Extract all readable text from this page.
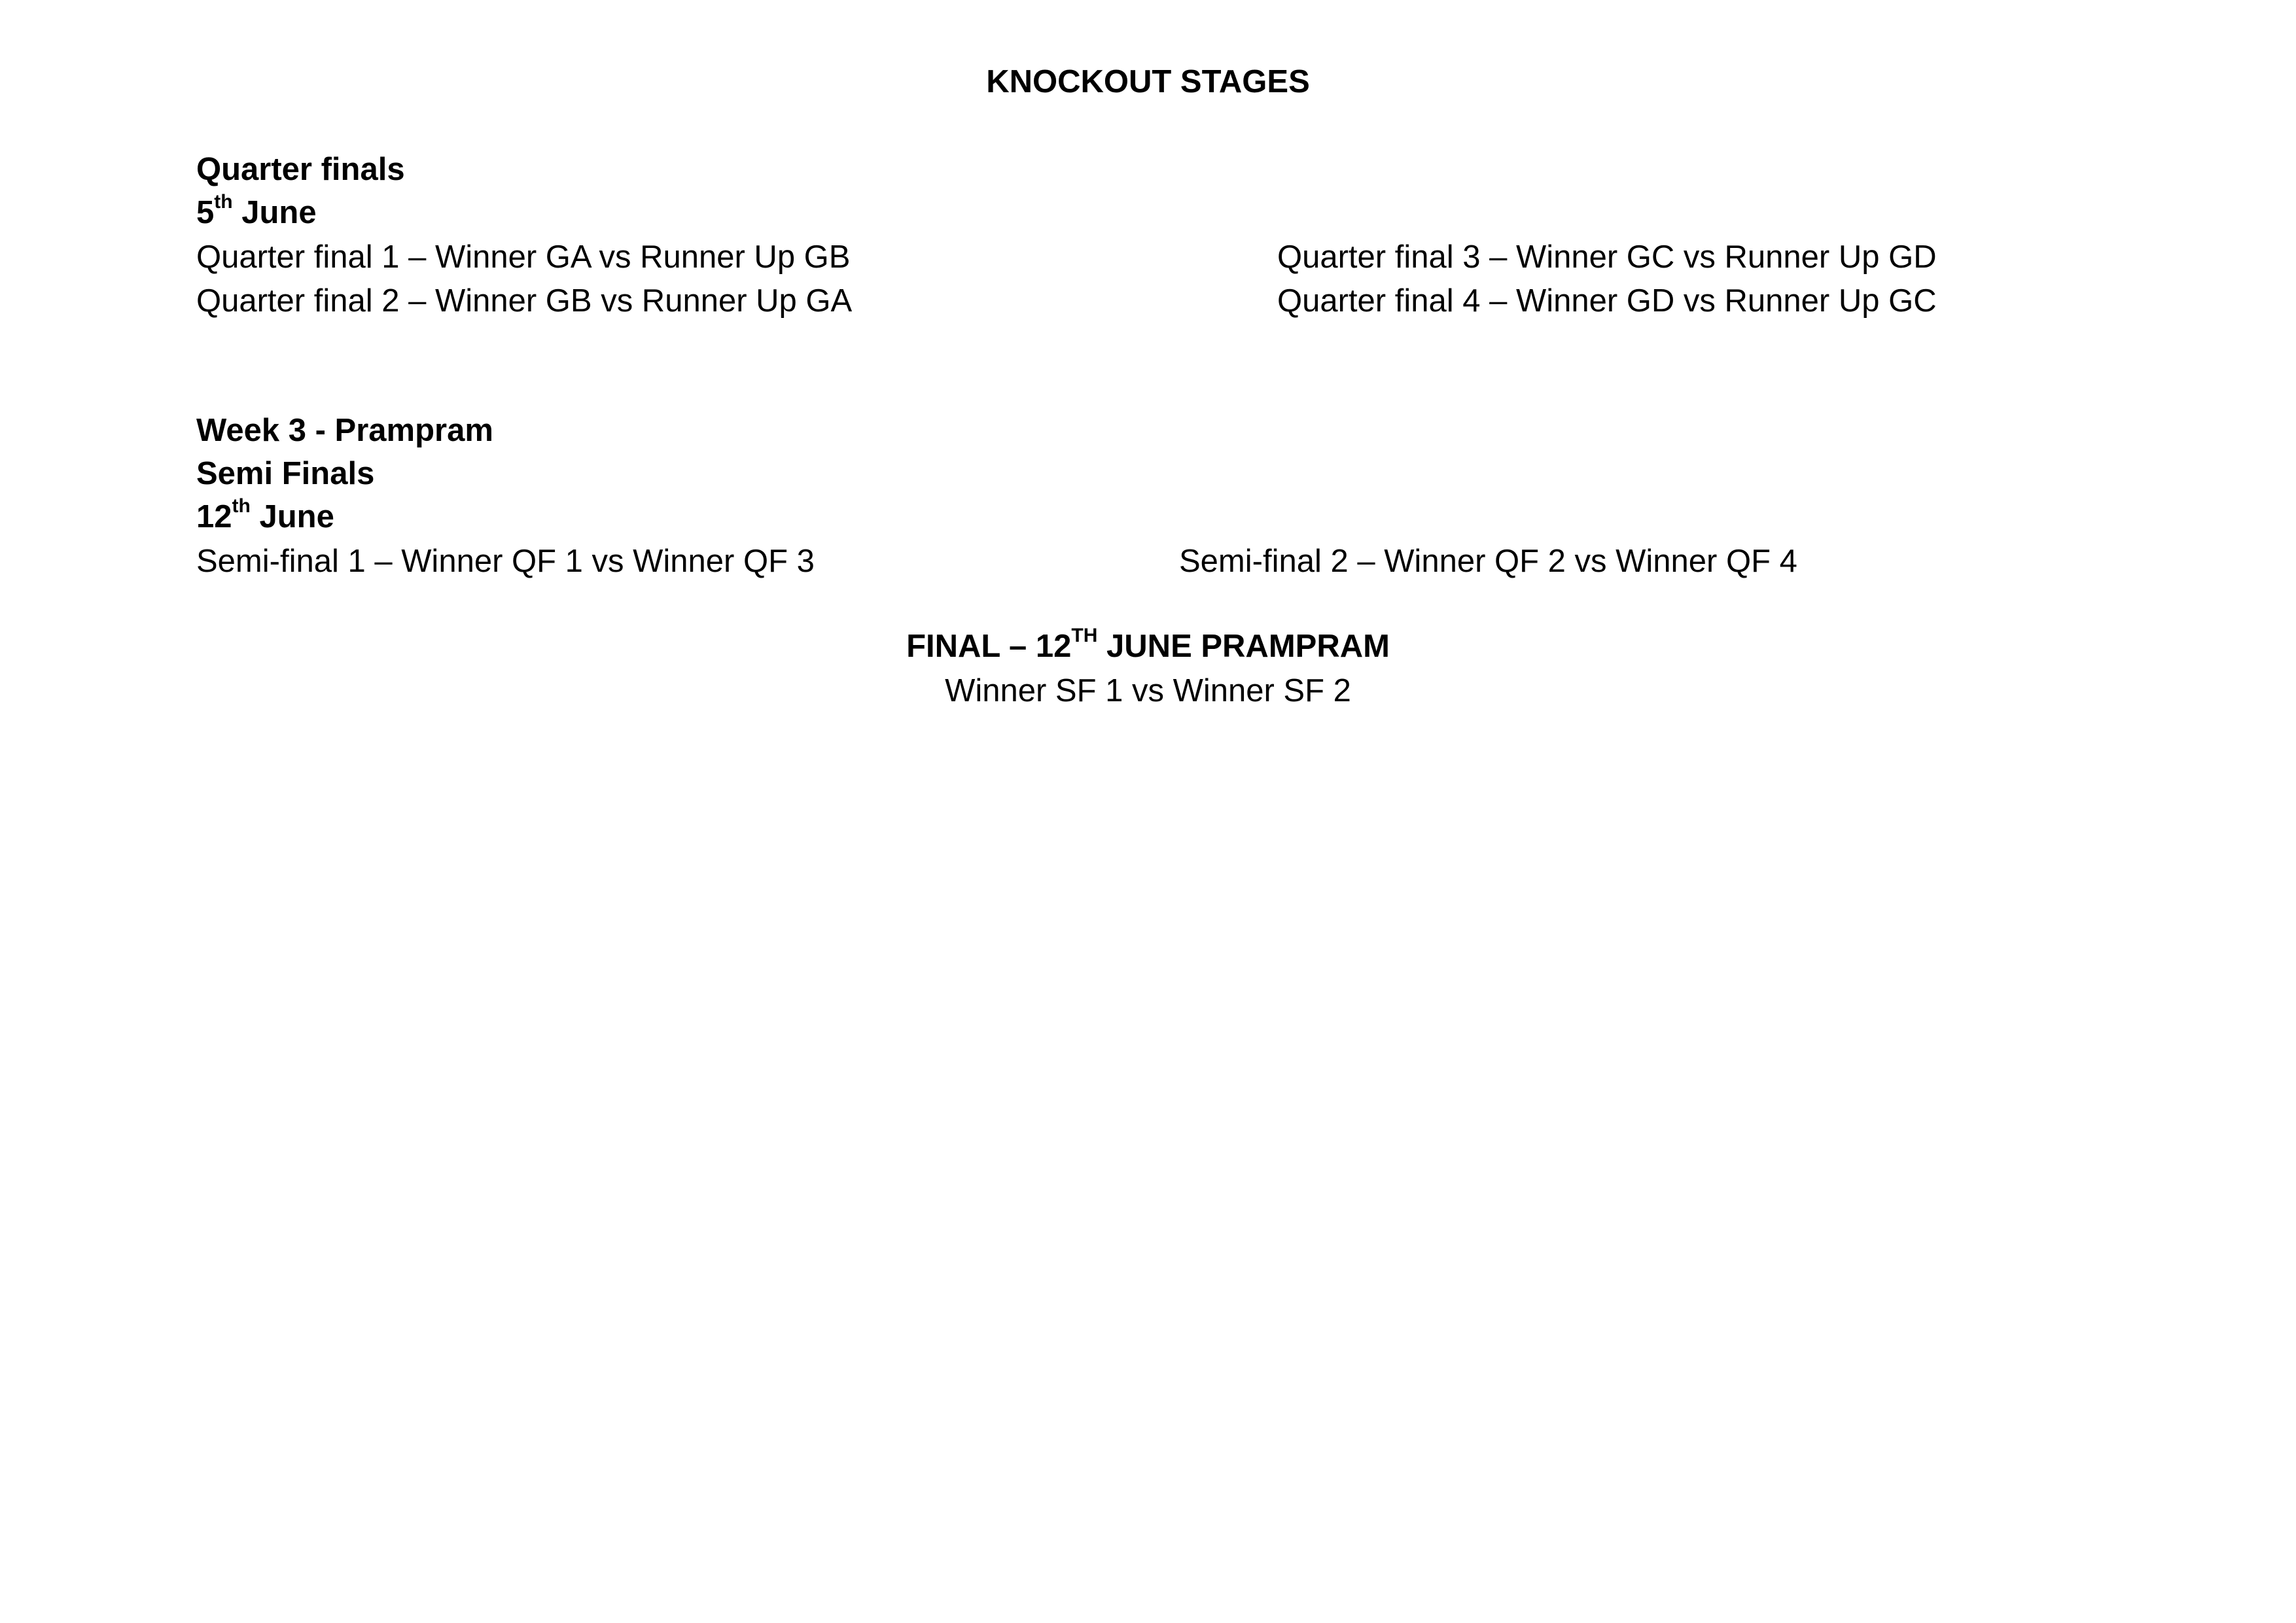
KNOCKOUT STAGES
Quarter finals
5th June
Quarter final 1 – Winner GA vs Runner Up GB
Quarter final 2 – Winner GB vs Runner Up GA
Quarter final 3 – Winner GC vs Runner Up GD
Quarter final 4 – Winner GD vs Runner Up GC
Week 3 - Prampram
Semi Finals
12th June
Semi-final 1 – Winner QF 1 vs Winner QF 3	Semi-final 2 – Winner QF 2 vs Winner QF 4
FINAL – 12TH JUNE PRAMPRAM
Winner SF 1 vs Winner SF 2
